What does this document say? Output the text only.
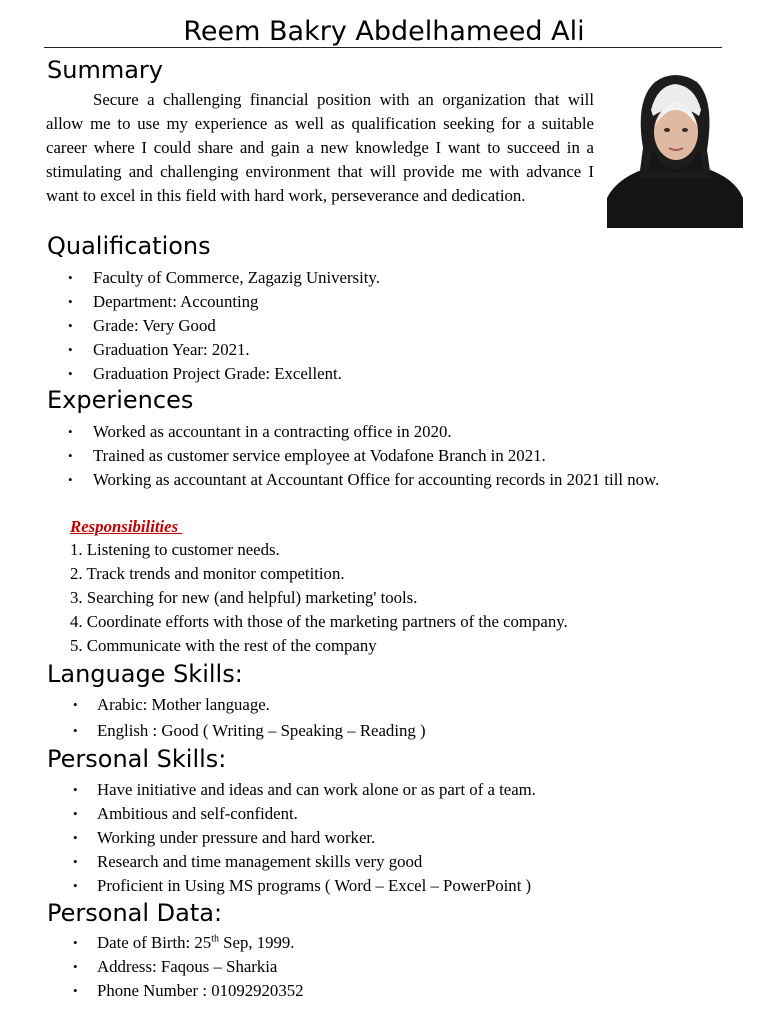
Reem Bakry Abdelhameed Ali
Summary

Secure a challenging financial position with an organization that will allow me to use my experience as well as qualification seeking for a suitable career where I could share and gain a new knowledge I want to succeed in a stimulating and challenging environment that will provide me with advance I want to excel in this field with hard work, perseverance and dedication.

Qualifications
• Faculty of Commerce, Zagazig University.
• Department: Accounting
• Grade: Very Good
• Graduation Year: 2021.
• Graduation Project Grade: Excellent.
Experiences
• Worked as accountant in a contracting office in 2020.
• Trained as customer service employee at Vodafone Branch in 2021.
• Working as accountant at Accountant Office for accounting records in 2021 till now.
Responsibilities
1. Listening to customer needs.
2. Track trends and monitor competition.
3. Searching for new (and helpful) marketing' tools.
4. Coordinate efforts with those of the marketing partners of the company.
5. Communicate with the rest of the company
Language Skills:
• Arabic: Mother language.
• English : Good ( Writing – Speaking – Reading )
Personal Skills:
• Have initiative and ideas and can work alone or as part of a team.
• Ambitious and self-confident.
• Working under pressure and hard worker.
• Research and time management skills very good
• Proficient in Using MS programs ( Word – Excel – PowerPoint )
Personal Data:
• Date of Birth: 25th Sep, 1999.
• Address: Faqous – Sharkia
• Phone Number : 01092920352
